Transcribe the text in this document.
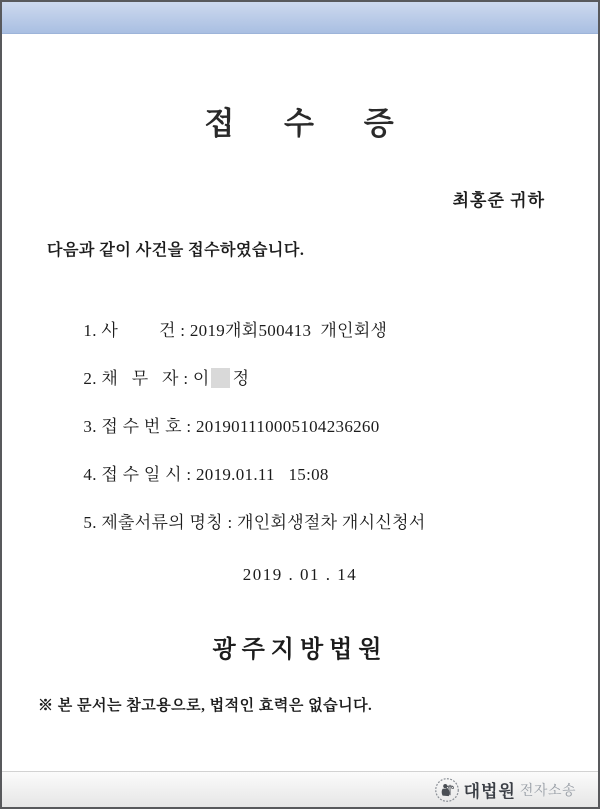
접 수 증
최홍준 귀하
다음과 같이 사건을 접수하였습니다.

1. 사         건 : 2019개회500413  개인회생

2. 채   무   자 : 이 정

3. 접 수 번 호 : 201901110005104236260

4. 접 수 일 시 : 2019.01.11   15:08

5. 제출서류의 명칭 : 개인회생절차 개시신청서

2019 . 01 . 14
광주지방법원
※ 본 문서는 참고용으로, 법적인 효력은 없습니다.
대법원 전자소송
